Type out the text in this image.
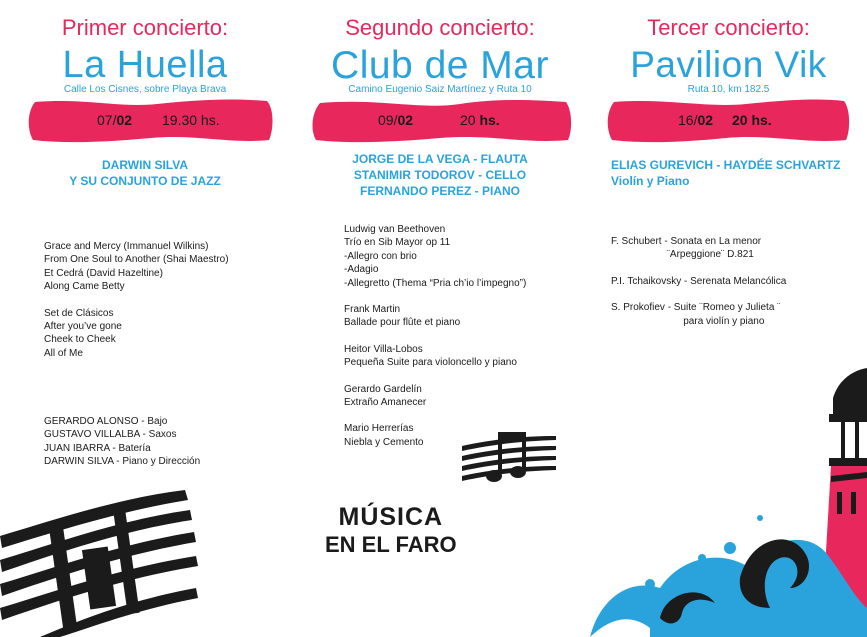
Primer concierto:
La Huella
Calle Los Cisnes, sobre Playa Brava
07/02 19.30 hs.
DARWIN SILVA
Y SU CONJUNTO DE JAZZ
Grace and Mercy (Immanuel Wilkins)
From One Soul to Another (Shai Maestro)
Et Cedrá (David Hazeltine)
Along Came Betty
Set de Clásicos
After you’ve gone
Cheek to Cheek
All of Me
GERARDO ALONSO - Bajo
GUSTAVO VILLALBA - Saxos
JUAN IBARRA - Batería
DARWIN SILVA - Piano y Dirección
Segundo concierto:
Club de Mar
Camino Eugenio Saiz Martínez y Ruta 10
09/02	20 hs.
JORGE DE LA VEGA - FLAUTA
STANIMIR TODOROV - CELLO
FERNANDO PEREZ - PIANO
Ludwig van Beethoven
Trío en Sib Mayor op 11
-Allegro con brio
-Adagio
-Allegretto (Thema “Pria ch’io l’impegno”)
Frank Martin
Ballade pour flûte et piano
Heitor Villa-Lobos
Pequeña Suite para violoncello y piano
Gerardo Gardelín
Extraño Amanecer
Mario Herrerías
Niebla y Cemento
MÚSICA
EN EL FARO
Tercer concierto:
Pavilion Vik
Ruta 10, km 182.5
16/02 20 hs.
ELIAS GUREVICH - HAYDÉE SCHVARTZ
Violín y Piano
F. Schubert - Sonata en La menor
¨Arpeggione¨ D.821
P.I. Tchaikovsky - Serenata Melancólica
S. Prokofiev - Suite ¨Romeo y Julieta ¨
para violín y piano
